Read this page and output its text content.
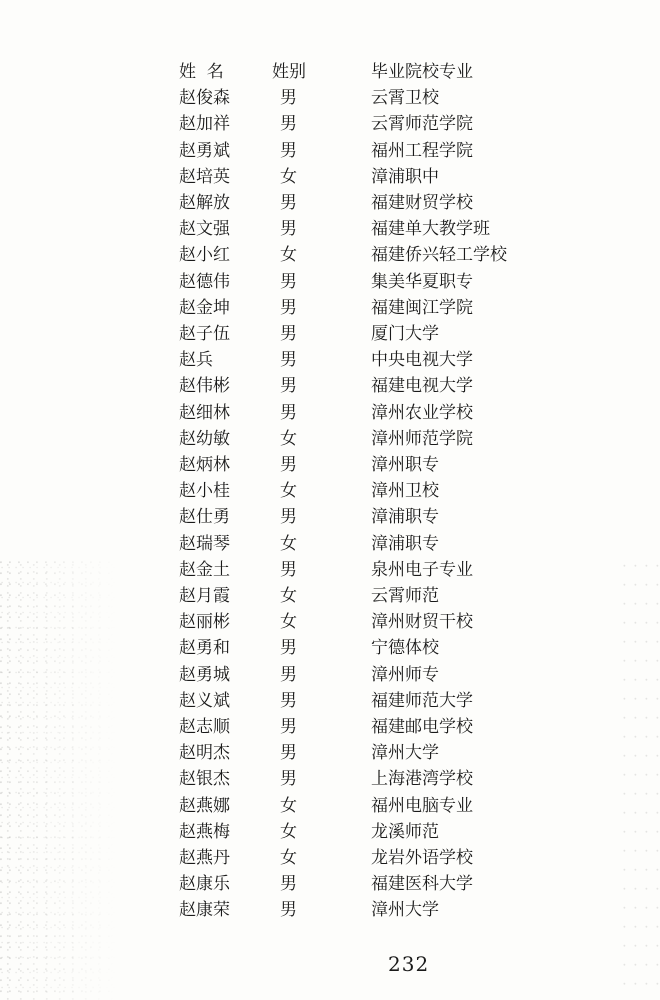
姓  名	姓别	毕业院校专业
赵俊森	男	云霄卫校
赵加祥	男	云霄师范学院
赵勇斌	男	福州工程学院
赵培英	女	漳浦职中
赵解放	男	福建财贸学校
赵文强	男	福建单大教学班
赵小红	女	福建侨兴轻工学校
赵德伟	男	集美华夏职专
赵金坤	男	福建闽江学院
赵子伍	男	厦门大学
赵兵	男	中央电视大学
赵伟彬	男	福建电视大学
赵细林	男	漳州农业学校
赵幼敏	女	漳州师范学院
赵炳林	男	漳州职专
赵小桂	女	漳州卫校
赵仕勇	男	漳浦职专
赵瑞琴	女	漳浦职专
赵金土	男	泉州电子专业
赵月霞	女	云霄师范
赵丽彬	女	漳州财贸干校
赵勇和	男	宁德体校
赵勇城	男	漳州师专
赵义斌	男	福建师范大学
赵志顺	男	福建邮电学校
赵明杰	男	漳州大学
赵银杰	男	上海港湾学校
赵燕娜	女	福州电脑专业
赵燕梅	女	龙溪师范
赵燕丹	女	龙岩外语学校
赵康乐	男	福建医科大学
赵康荣	男	漳州大学
232
